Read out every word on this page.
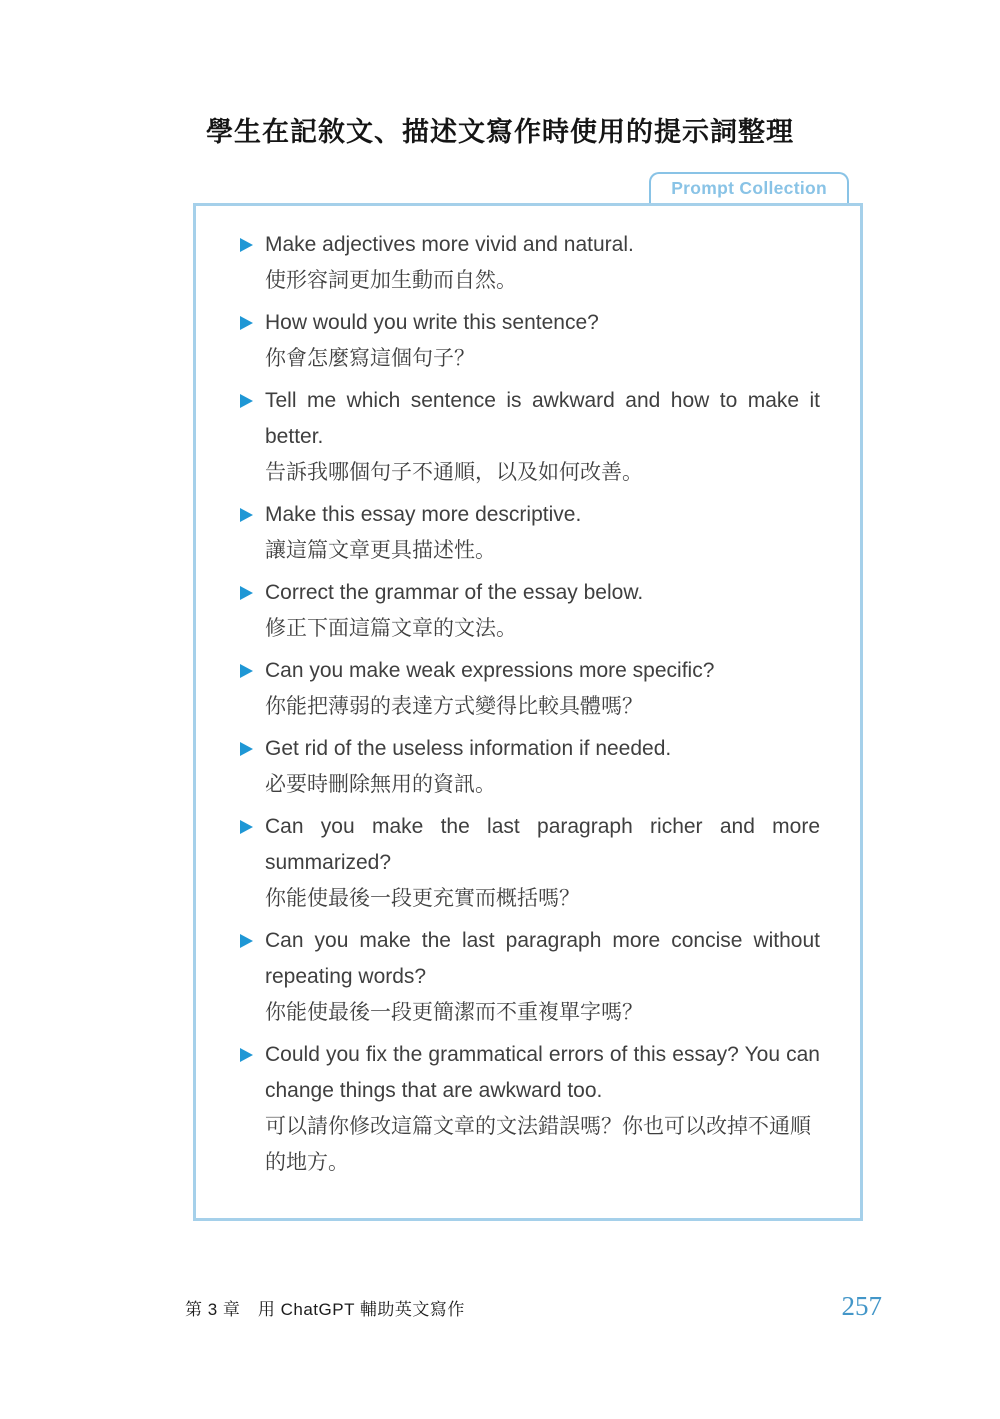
學生在記敘文、描述文寫作時使用的提示詞整理
Prompt Collection
Make adjectives more vivid and natural.
使形容詞更加生動而自然。
How would you write this sentence?
你會怎麼寫這個句子？
Tell me which sentence is awkward and how to make it better.
告訴我哪個句子不通順，以及如何改善。
Make this essay more descriptive.
讓這篇文章更具描述性。
Correct the grammar of the essay below.
修正下面這篇文章的文法。
Can you make weak expressions more specific?
你能把薄弱的表達方式變得比較具體嗎？
Get rid of the useless information if needed.
必要時刪除無用的資訊。
Can you make the last paragraph richer and more summarized?
你能使最後一段更充實而概括嗎？
Can you make the last paragraph more concise without repeating words?
你能使最後一段更簡潔而不重複單字嗎？
Could you fix the grammatical errors of this essay? You can change things that are awkward too.
可以請你修改這篇文章的文法錯誤嗎？你也可以改掉不通順的地方。
第 3 章　用 ChatGPT 輔助英文寫作	257
